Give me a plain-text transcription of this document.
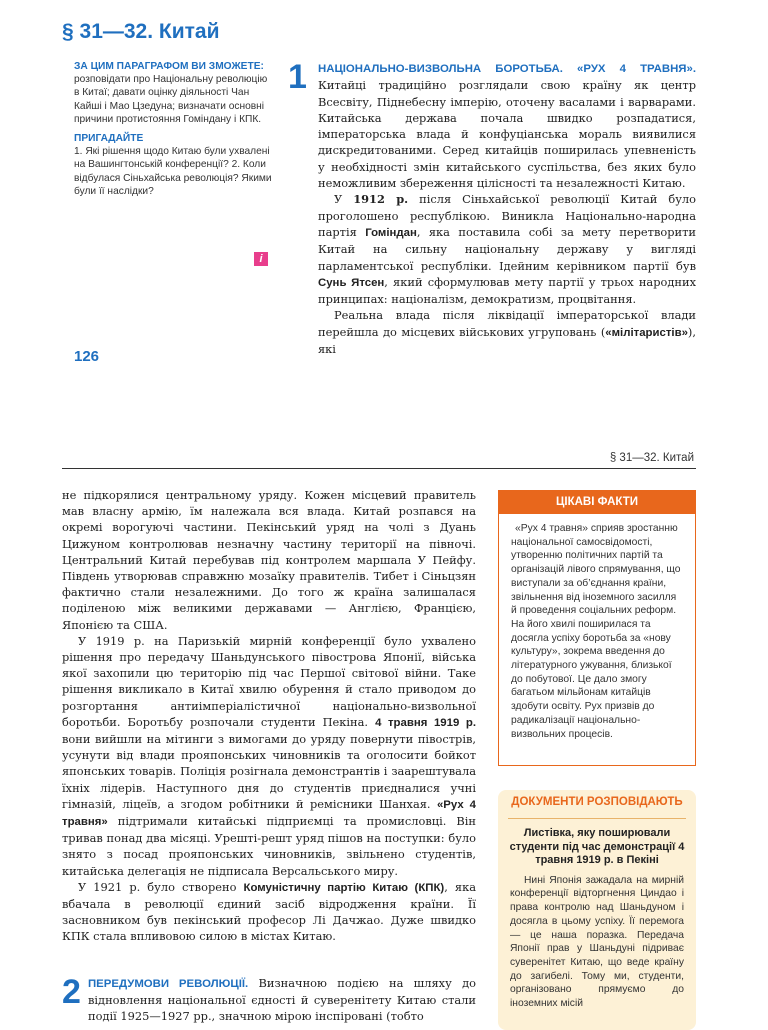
§ 31—32. Китай
ЗА ЦИМ ПАРАГРАФОМ ВИ ЗМОЖЕТЕ:
розповідати про Національну революцію в Китаї; давати оцінку діяльності Чан Кайші і Мао Цзедуна; визначати основні причини протистояння Гоміндану і КПК.
ПРИГАДАЙТЕ
1. Які рішення щодо Китаю були ухвалені на Вашингтонській конференції? 2. Коли відбулася Сіньхайська революція? Якими були її наслідки?
i
1 НАЦІОНАЛЬНО-ВИЗВОЛЬНА БОРОТЬБА. «РУХ 4 ТРАВНЯ». Китайці традиційно розглядали свою країну як центр Всесвіту, Піднебесну імперію, оточену васалами і варварами. Китайська держава почала швидко розпадатися, імператорська влада й конфуціанська мораль виявилися дискредитованими. Серед китайців поширилась упевненість у необхідності змін китайського суспільства, без яких було неможливим збереження цілісності та незалежності Китаю.

У 1912 р. після Сіньхайської революції Китай було проголошено республікою. Виникла Національно-народна партія Гоміндан, яка поставила собі за мету перетворити Китай на сильну національну державу у вигляді парламентської республіки. Ідейним керівником партії був Сунь Ятсен, який сформулював мету партії у трьох народних принципах: націоналізм, демократизм, процвітання.

Реальна влада після ліквідації імператорської влади перейшла до місцевих військових угруповань («мілітаристів»), які

126
§ 31—32. Китай

не підкорялися центральному уряду. Кожен місцевий правитель мав власну армію, їм належала вся влада. Китай розпався на окремі ворогуючі частини. Пекінський уряд на чолі з Дуань Цижуном контролював незначну частину території на півночі. Центральний Китай перебував під контролем маршала У Пейфу. Південь утворював справжню мозаїку правителів. Тибет і Сіньцзян фактично стали незалежними. До того ж країна залишалася поділеною між великими державами — Англією, Францією, Японією та США.

У 1919 р. на Паризькій мирній конференції було ухвалено рішення про передачу Шаньдунського півострова Японії, війська якої захопили цю територію під час Першої світової війни. Таке рішення викликало в Китаї хвилю обурення й стало приводом до розгортання антиімперіалістичної національно-визвольної боротьби. Боротьбу розпочали студенти Пекіна. 4 травня 1919 р. вони вийшли на мітинги з вимогами до уряду повернути півострів, усунути від влади прояпонських чиновників та оголосити бойкот японських товарів. Поліція розігнала демонстрантів і заарештувала їхніх лідерів. Наступного дня до студентів приєдналися учні гімназій, ліцеїв, а згодом робітники й ремісники Шанхая. «Рух 4 травня» підтримали китайські підприємці та промисловці. Він тривав понад два місяці. Урешті-решт уряд пішов на поступки: було знято з посад прояпонських чиновників, звільнено студентів, китайська делегація не підписала Версальського миру.

У 1921 р. було створено Комуністичну партію Китаю (КПК), яка вбачала в революції єдиний засіб відродження країни. Її засновником був пекінський професор Лі Дачжао. Дуже швидко КПК стала впливовою силою в містах Китаю.

2 ПЕРЕДУМОВИ РЕВОЛЮЦІЇ. Визначною подією на шляху до відновлення національної єдності й суверенітету Китаю стали події 1925—1927 рр., значною мірою інспіровані (тобто
ЦІКАВІ ФАКТИ
«Рух 4 травня» сприяв зростанню національної самосвідомості, утворенню політичних партій та організацій лівого спрямування, що виступали за об’єднання країни, звільнення від іноземного засилля й проведення соціальних реформ. На його хвилі поширилася та досягла успіху боротьба за «нову культуру», зокрема введення до літературного ужування, близької до побутової. Це дало змогу багатьом мільйонам китайців здобути освіту. Рух призвів до радикалізації національно-визвольних процесів.
ДОКУМЕНТИ РОЗПОВІДАЮТЬ
Листівка, яку поширювали студенти під час демонстрації 4 травня 1919 р. в Пекіні
Нині Японія зажадала на мирній конференції відторгнення Циндао і права контролю над Шаньдуном і досягла в цьому успіху. Її перемога — це наша поразка. Передача Японії прав у Шаньдуні підриває суверенітет Китаю, що веде країну до загибелі. Тому ми, студенти, організовано прямуємо до іноземних місій
